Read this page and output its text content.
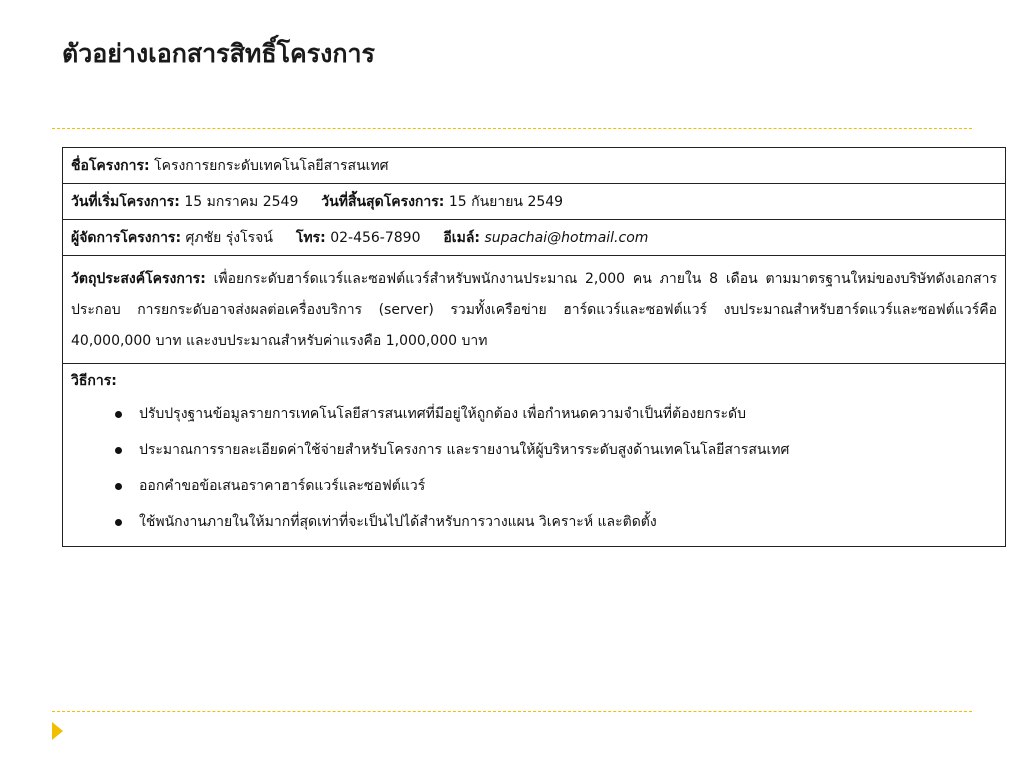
ตัวอย่างเอกสารสิทธิ์โครงการ
ชื่อโครงการ: โครงการยกระดับเทคโนโลยีสารสนเทศ
วันที่เริ่มโครงการ: 15 มกราคม 2549 วันที่สิ้นสุดโครงการ: 15 กันยายน 2549
ผู้จัดการโครงการ: ศุภชัย รุ่งโรจน์ โทร: 02-456-7890 อีเมล์: supachai@hotmail.com
วัตถุประสงค์โครงการ: เพื่อยกระดับฮาร์ดแวร์และซอฟต์แวร์สำหรับพนักงานประมาณ 2,000 คน ภายใน 8 เดือน ตามมาตรฐานใหม่ของบริษัทดังเอกสารประกอบ การยกระดับอาจส่งผลต่อเครื่องบริการ (server) รวมทั้งเครือข่าย ฮาร์ดแวร์และซอฟต์แวร์ งบประมาณสำหรับฮาร์ดแวร์และซอฟต์แวร์คือ 40,000,000 บาท และงบประมาณสำหรับค่าแรงคือ 1,000,000 บาท
วิธีการ:
ปรับปรุงฐานข้อมูลรายการเทคโนโลยีสารสนเทศที่มีอยู่ให้ถูกต้อง เพื่อกำหนดความจำเป็นที่ต้องยกระดับ
ประมาณการรายละเอียดค่าใช้จ่ายสำหรับโครงการ และรายงานให้ผู้บริหารระดับสูงด้านเทคโนโลยีสารสนเทศ
ออกคำขอข้อเสนอราคาฮาร์ดแวร์และซอฟต์แวร์
ใช้พนักงานภายในให้มากที่สุดเท่าที่จะเป็นไปได้สำหรับการวางแผน วิเคราะห์ และติดตั้ง
